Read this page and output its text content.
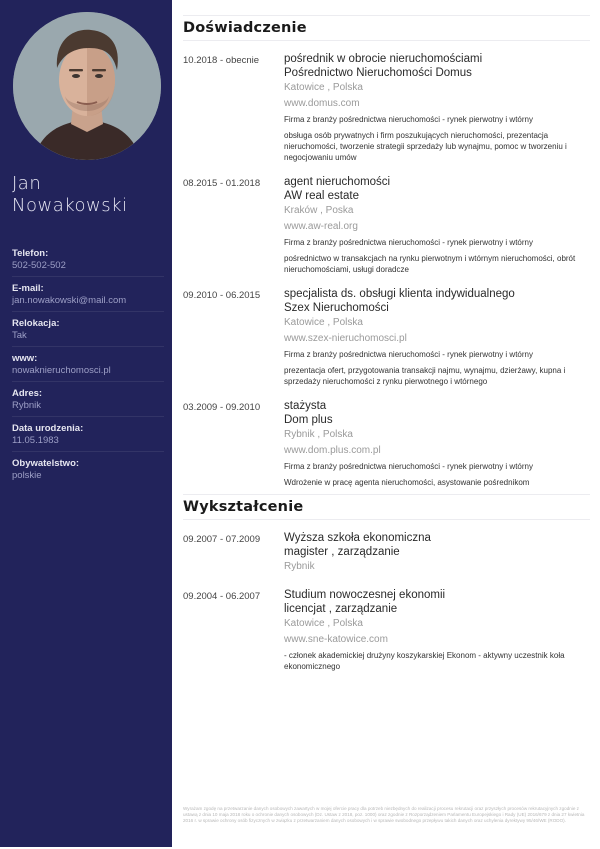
Jan
Nowakowski
Telefon:
502-502-502
E-mail:
jan.nowakowski@mail.com
Relokacja:
Tak
www:
nowaknieruchomosci.pl
Adres:
Rybnik
Data urodzenia:
11.05.1983
Obywatelstwo:
polskie
Doświadczenie
10.2018 - obecnie	pośrednik w obrocie nieruchomościami
Pośrednictwo Nieruchomości Domus
Katowice , Polska
www.domus.com
Firma z branży pośrednictwa nieruchomości - rynek pierwotny i wtórny
obsługa osób prywatnych i firm poszukujących nieruchomości, prezentacja nieruchomości, tworzenie strategii sprzedaży lub wynajmu, pomoc w tworzeniu i negocjowaniu umów
08.2015 - 01.2018	agent nieruchomości
AW real estate
Kraków , Poska
www.aw-real.org
Firma z branży pośrednictwa nieruchomości - rynek pierwotny i wtórny
pośrednictwo w transakcjach na rynku pierwotnym i wtórnym nieruchomości, obrót nieruchomościami, usługi doradcze
09.2010 - 06.2015	specjalista ds. obsługi klienta indywidualnego
Szex Nieruchomości
Katowice , Polska
www.szex-nieruchomosci.pl
Firma z branży pośrednictwa nieruchomości - rynek pierwotny i wtórny
prezentacja ofert, przygotowania transakcji najmu, wynajmu, dzierżawy, kupna i sprzedaży nieruchomości z rynku pierwotnego i wtórnego
03.2009 - 09.2010	stażysta
Dom plus
Rybnik , Polska
www.dom.plus.com.pl
Firma z branży pośrednictwa nieruchomości - rynek pierwotny i wtórny
Wdrożenie w pracę agenta nieruchomości, asystowanie pośrednikom
Wykształcenie
09.2007 - 07.2009	Wyższa szkoła ekonomiczna
magister , zarządzanie
Rybnik
09.2004 - 06.2007	Studium nowoczesnej ekonomii
licencjat , zarządzanie
Katowice , Polska
www.sne-katowice.com
- członek akademickiej drużyny koszykarskiej Ekonom - aktywny uczestnik koła ekonomicznego
Wyrażam zgodę na przetwarzanie danych osobowych zawartych w mojej ofercie pracy dla potrzeb niezbędnych do realizacji procesu rekrutacji oraz przyszłych procesów rekrutacyjnych zgodnie z ustawą z dnia 10 maja 2018 roku o ochronie danych osobowych (Dz. Ustaw z 2018, poz. 1000) oraz zgodnie z Rozporządzeniem Parlamentu Europejskiego i Rady (UE) 2016/679 z dnia 27 kwietnia 2016 r. w sprawie ochrony osób fizycznych w związku z przetwarzaniem danych osobowych i w sprawie swobodnego przepływu takich danych oraz uchylenia dyrektywy 95/46/WE (RODO).
